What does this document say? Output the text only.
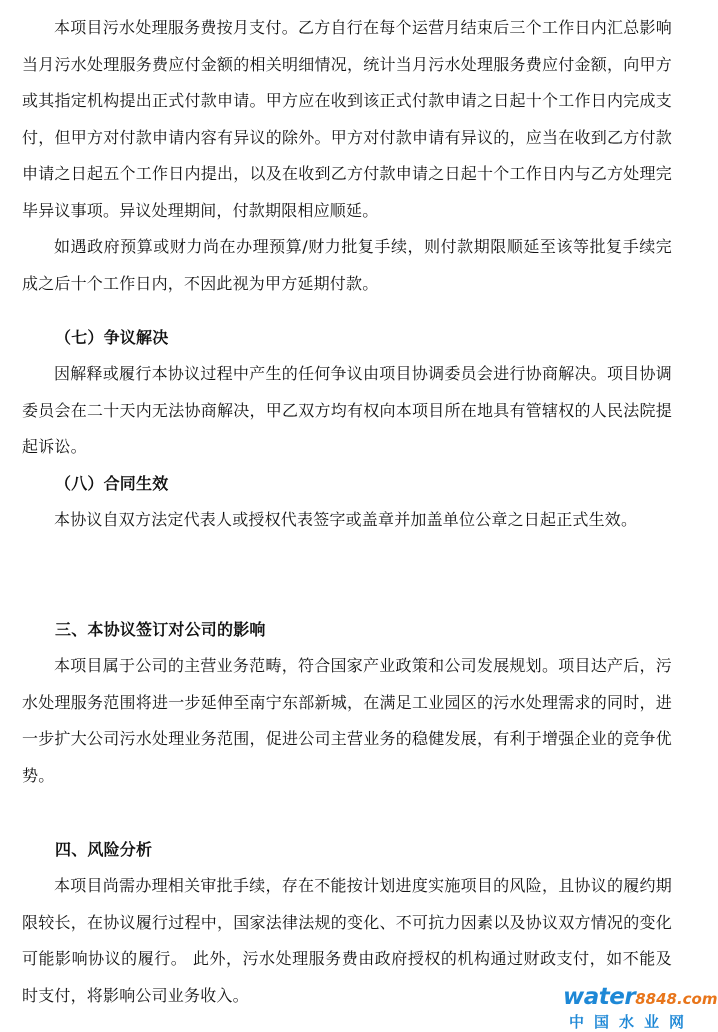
本项目污水处理服务费按月支付。乙方自行在每个运营月结束后三个工作日内汇总影响当月污水处理服务费应付金额的相关明细情况，统计当月污水处理服务费应付金额，向甲方或其指定机构提出正式付款申请。甲方应在收到该正式付款申请之日起十个工作日内完成支付，但甲方对付款申请内容有异议的除外。甲方对付款申请有异议的，应当在收到乙方付款申请之日起五个工作日内提出，以及在收到乙方付款申请之日起十个工作日内与乙方处理完毕异议事项。异议处理期间，付款期限相应顺延。

如遇政府预算或财力尚在办理预算/财力批复手续，则付款期限顺延至该等批复手续完成之后十个工作日内，不因此视为甲方延期付款。

（七）争议解决

因解释或履行本协议过程中产生的任何争议由项目协调委员会进行协商解决。项目协调委员会在二十天内无法协商解决，甲乙双方均有权向本项目所在地具有管辖权的人民法院提起诉讼。

（八）合同生效

本协议自双方法定代表人或授权代表签字或盖章并加盖单位公章之日起正式生效。

三、本协议签订对公司的影响

本项目属于公司的主营业务范畴，符合国家产业政策和公司发展规划。项目达产后，污水处理服务范围将进一步延伸至南宁东部新城，在满足工业园区的污水处理需求的同时，进一步扩大公司污水处理业务范围，促进公司主营业务的稳健发展，有利于增强企业的竞争优势。

四、风险分析

本项目尚需办理相关审批手续，存在不能按计划进度实施项目的风险，且协议的履约期限较长，在协议履行过程中，国家法律法规的变化、不可抗力因素以及协议双方情况的变化可能影响协议的履行。 此外，污水处理服务费由政府授权的机构通过财政支付，如不能及时支付，将影响公司业务收入。	water8848.com
中国水业网
